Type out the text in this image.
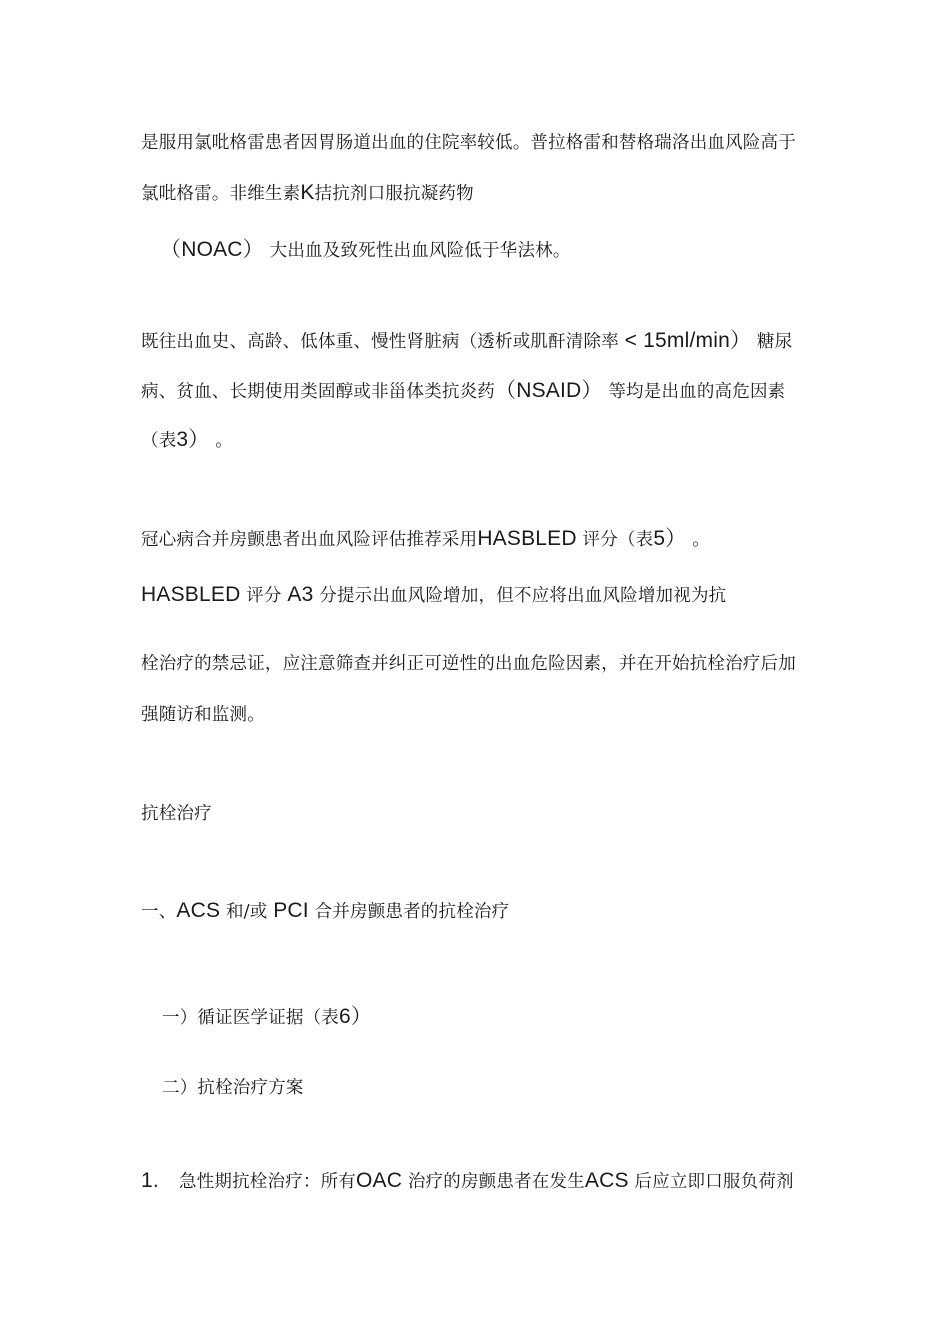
是服用氯吡格雷患者因胃肠道出血的住院率较低。普拉格雷和替格瑞洛出血风险高于
氯吡格雷。非维生素K拮抗剂口服抗凝药物
（NOAC） 大出血及致死性出血风险低于华法林。
既往出血史、高龄、低体重、慢性肾脏病（透析或肌酐清除率 < 15ml/min） 糖尿
病、贫血、长期使用类固醇或非甾体类抗炎药（NSAID） 等均是出血的高危因素
（表3） 。
冠心病合并房颤患者出血风险评估推荐采用HASBLED 评分（表5） 。
HASBLED 评分 A3 分提示出血风险增加，但不应将出血风险增加视为抗
栓治疗的禁忌证，应注意筛查并纠正可逆性的出血危险因素，并在开始抗栓治疗后加
强随访和监测。
抗栓治疗
一、ACS 和/或 PCI 合并房颤患者的抗栓治疗
一）循证医学证据（表6）
二）抗栓治疗方案
1. 急性期抗栓治疗：所有OAC 治疗的房颤患者在发生ACS 后应立即口服负荷剂
